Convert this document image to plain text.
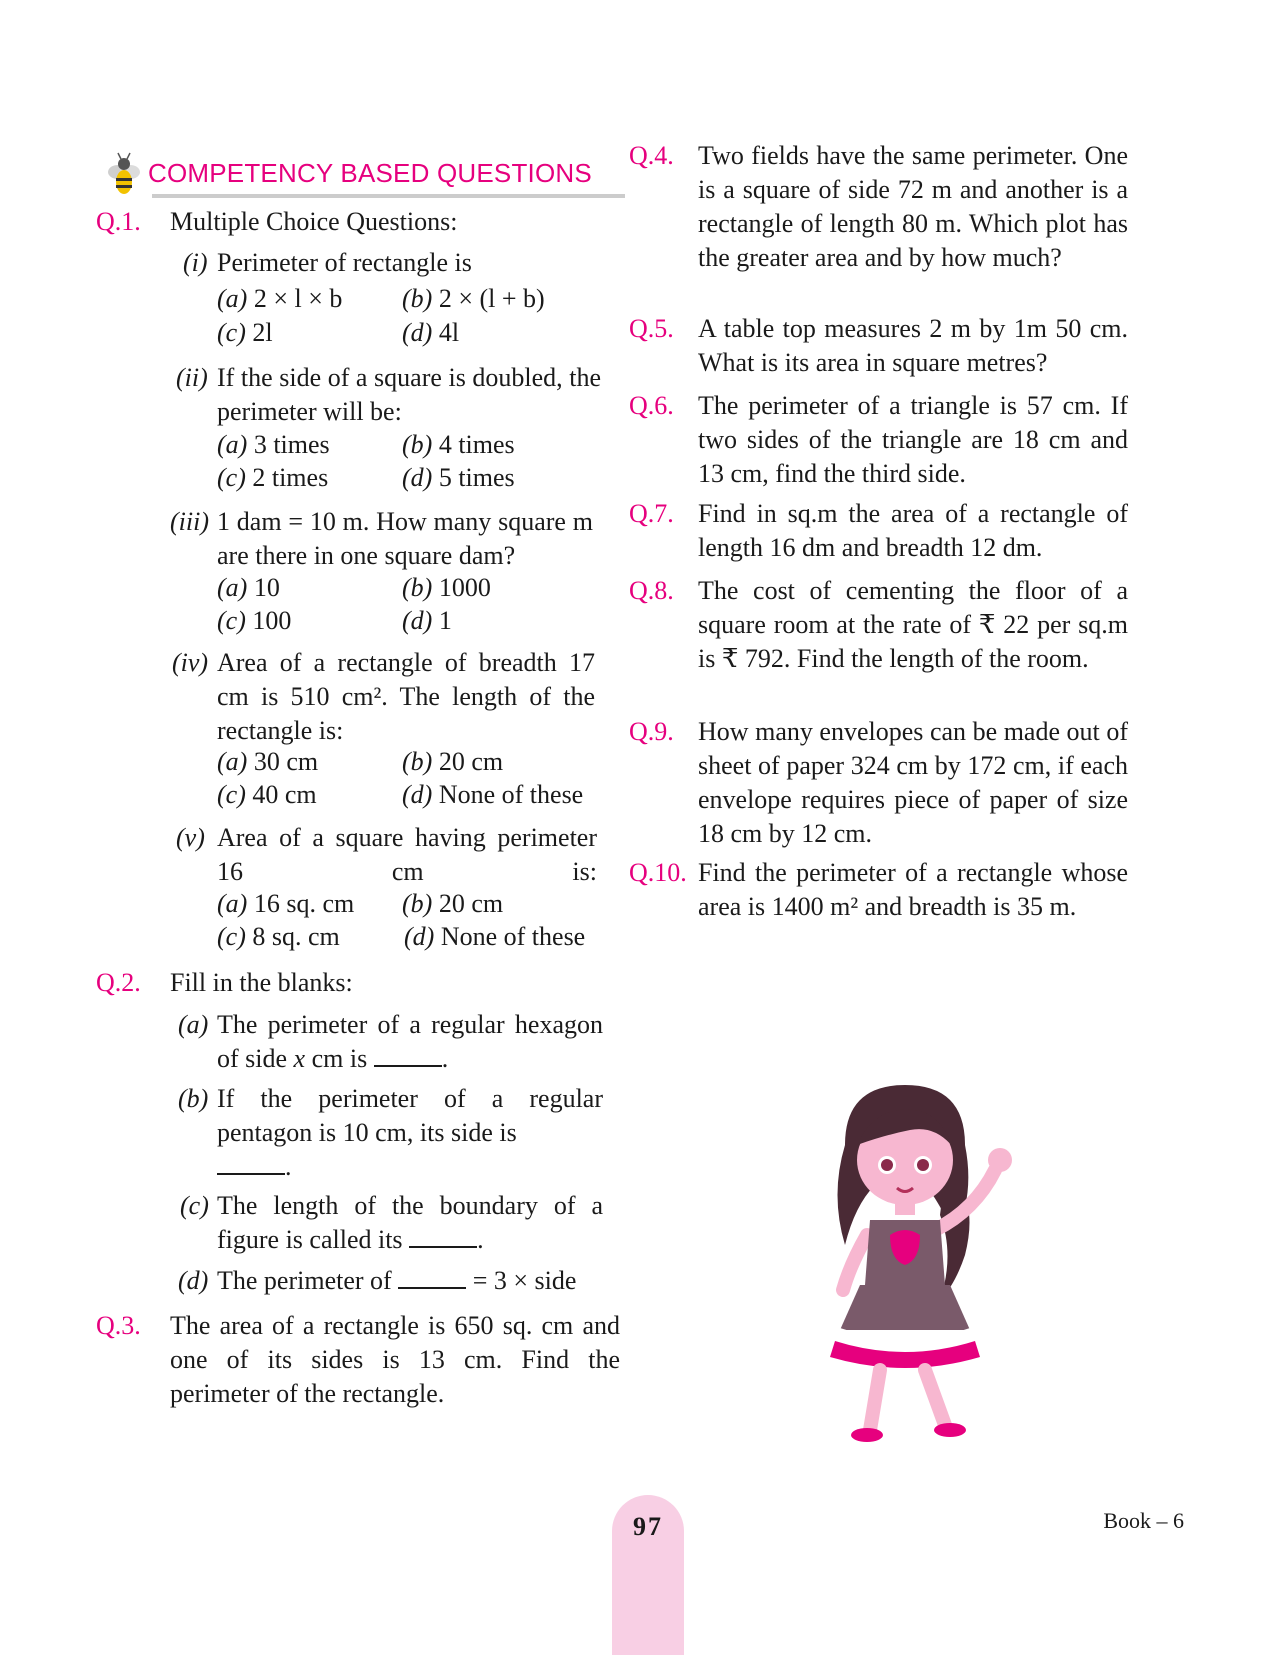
COMPETENCY BASED QUESTIONS
Q.1. Multiple Choice Questions:
(i) Perimeter of rectangle is
(a) 2 × l × b (b) 2 × (l + b)
(c) 2l	(d) 4l
(ii) If the side of a square is doubled, the perimeter will be:
(a) 3 times	(b) 4 times
(c) 2 times	(d) 5 times
(iii) 1 dam = 10 m. How many square m are there in one square dam?
(a) 10	(b) 1000
(c) 100	(d) 1
(iv) Area of a rectangle of breadth 17 cm is 510 cm². The length of the rectangle is:
(a) 30 cm	(b) 20 cm
(c) 40 cm	(d) None of these
(v) Area of a square having perimeter 16 cm is:
(a) 16 sq. cm (b) 20 cm
(c) 8 sq. cm (d) None of these
Q.2. Fill in the blanks:
(a) The perimeter of a regular hexagon of side x cm is	.
(b) If the perimeter of a regular pentagon is 10 cm, its side is
.
(c) The length of the boundary of a figure is called its	.
(d) The perimeter of	= 3 × side
Q.3. The area of a rectangle is 650 sq. cm and one of its sides is 13 cm. Find the perimeter of the rectangle.
Q.4. Two fields have the same perimeter. One is a square of side 72 m and another is a rectangle of length 80 m. Which plot has the greater area and by how much?
Q.5. A table top measures 2 m by 1m 50 cm. What is its area in square metres?
Q.6. The perimeter of a triangle is 57 cm. If two sides of the triangle are 18 cm and 13 cm, find the third side.
Q.7. Find in sq.m the area of a rectangle of length 16 dm and breadth 12 dm.
Q.8. The cost of cementing the floor of a square room at the rate of ₹ 22 per sq.m is ₹ 792. Find the length of the room.
Q.9. How many envelopes can be made out of sheet of paper 324 cm by 172 cm, if each envelope requires piece of paper of size 18 cm by 12 cm.
Q.10. Find the perimeter of a rectangle whose area is 1400 m² and breadth is 35 m.
97	Book – 6
